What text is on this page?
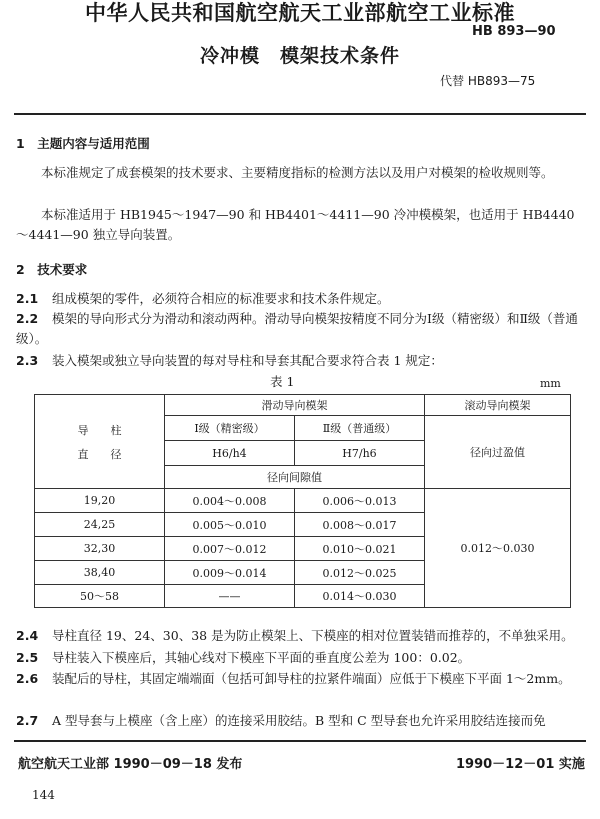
中华人民共和国航空航天工业部航空工业标准
HB 893—90
冷冲模　模架技术条件
代替 HB893—75
1　主题内容与适用范围
本标准规定了成套模架的技术要求、主要精度指标的检测方法以及用户对模架的检收规则等。
本标准适用于 HB1945～1947—90 和 HB4401～4411—90 冷冲模模架，也适用于 HB4440～4441—90 独立导向装置。
2　技术要求
2.1 组成模架的零件，必须符合相应的标准要求和技术条件规定。
2.2 模架的导向形式分为滑动和滚动两种。滑动导向模架按精度不同分为Ⅰ级（精密级）和Ⅱ级（普通级）。
2.3 装入模架或独立导向装置的每对导柱和导套其配合要求符合表 1 规定：
表 1	mm
导　　柱
直　　径	滑动导向模架		滚动导向模架
	Ⅰ级（精密级）	Ⅱ级（普通级）	径向过盈值
	H6/h4	H7/h6	
	径向间隙值		
19,20	0.004～0.008	0.006～0.013	0.012～0.030
24,25	0.005～0.010	0.008～0.017	
32,30	0.007～0.012	0.010～0.021	
38,40	0.009～0.014	0.012～0.025	
50～58	——	0.014～0.030	
2.4 导柱直径 19、24、30、38 是为防止模架上、下模座的相对位置装错而推荐的，不单独采用。
2.5 导柱装入下模座后，其轴心线对下模座下平面的垂直度公差为 100：0.02。
2.6 装配后的导柱，其固定端端面（包括可卸导柱的拉紧件端面）应低于下模座下平面 1～2mm。
2.7 A 型导套与上模座（含上座）的连接采用胶结。B 型和 C 型导套也允许采用胶结连接而免
航空航天工业部 1990－09－18 发布	1990－12－01 实施
144
